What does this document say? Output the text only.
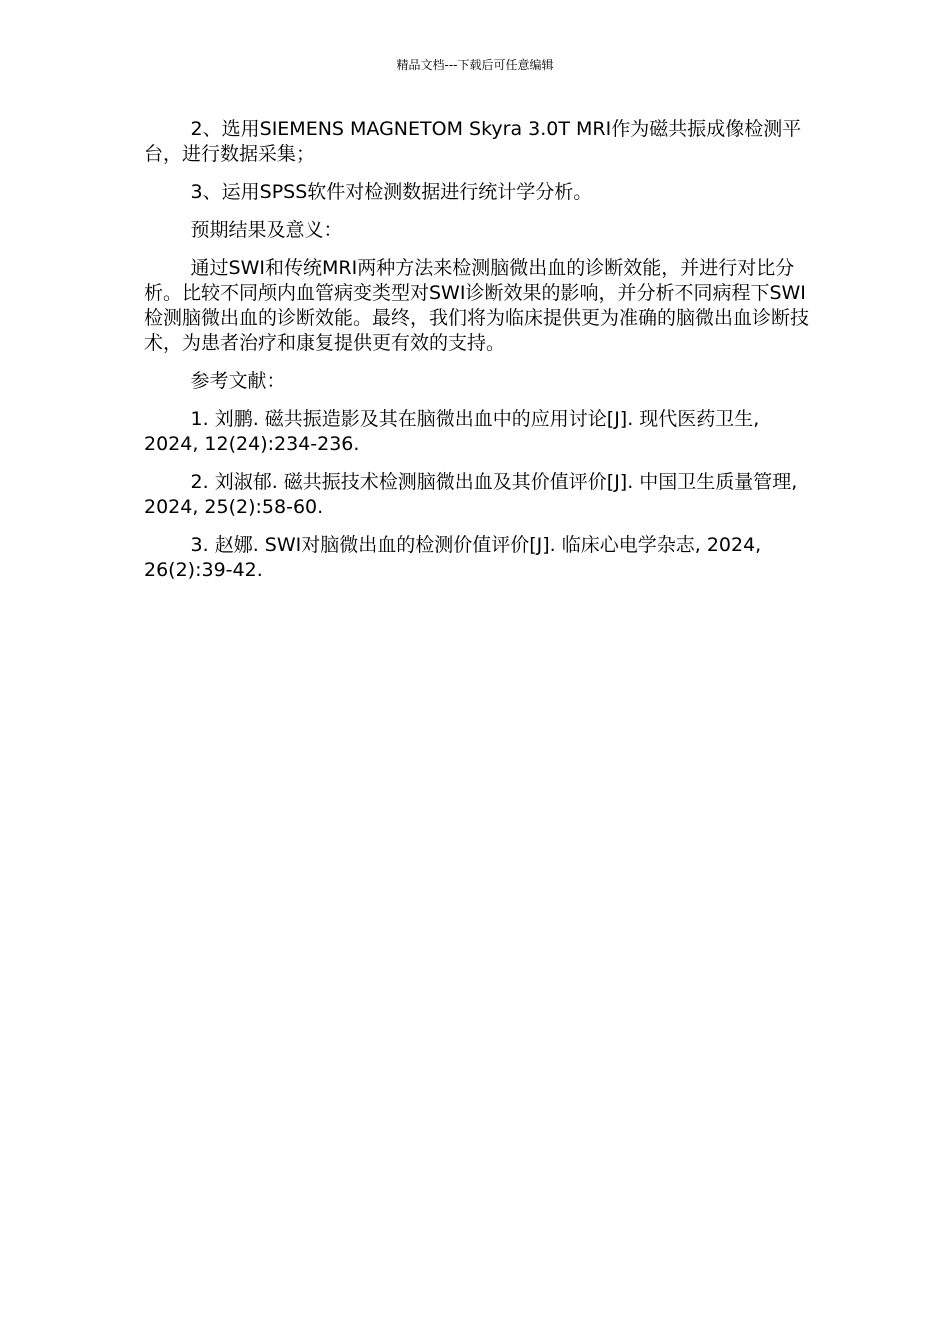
精品文档---下载后可任意编辑

2、选用SIEMENS MAGNETOM Skyra 3.0T MRI作为磁共振成像检测平台，进行数据采集；

3、运用SPSS软件对检测数据进行统计学分析。

预期结果及意义：

通过SWI和传统MRI两种方法来检测脑微出血的诊断效能，并进行对比分析。比较不同颅内血管病变类型对SWI诊断效果的影响，并分析不同病程下SWI检测脑微出血的诊断效能。最终，我们将为临床提供更为准确的脑微出血诊断技术，为患者治疗和康复提供更有效的支持。

参考文献：

1. 刘鹏. 磁共振造影及其在脑微出血中的应用讨论[J]. 现代医药卫生, 2024, 12(24):234-236.

2. 刘淑郁. 磁共振技术检测脑微出血及其价值评价[J]. 中国卫生质量管理, 2024, 25(2):58-60.

3. 赵娜. SWI对脑微出血的检测价值评价[J]. 临床心电学杂志, 2024, 26(2):39-42.
